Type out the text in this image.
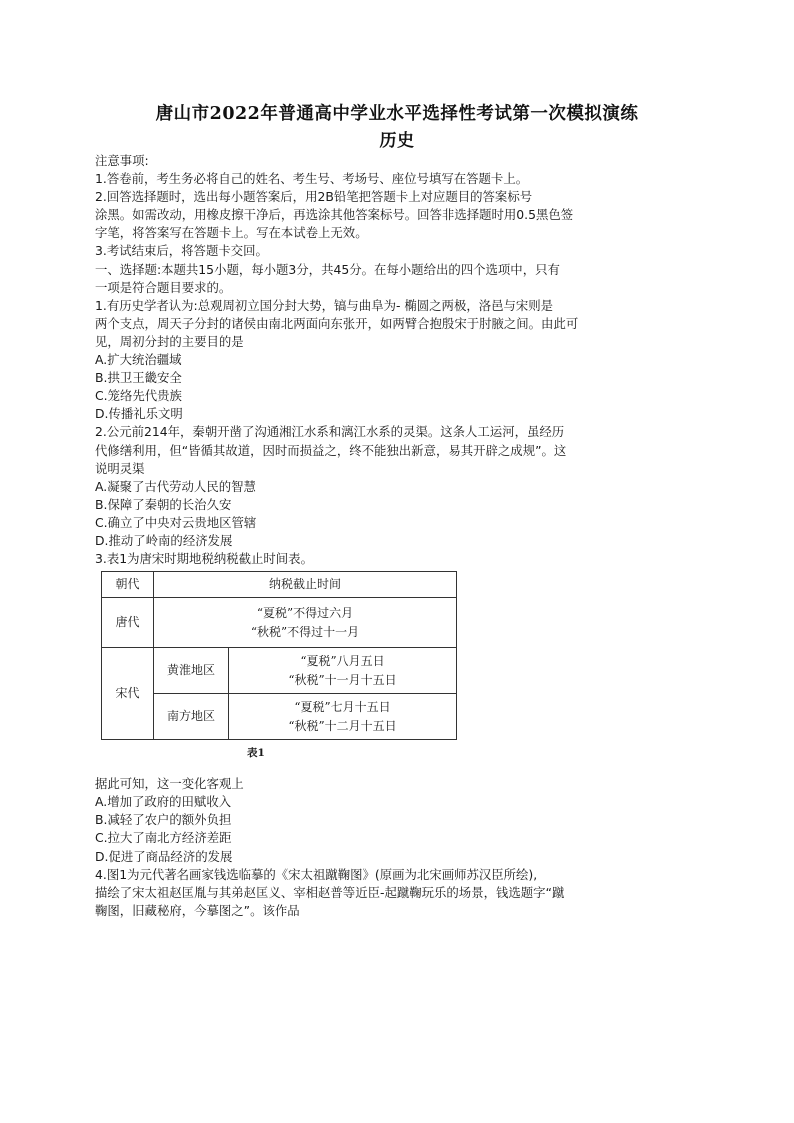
唐山市2022年普通高中学业水平选择性考试第一次模拟演练
历史
注意事项:
1.答卷前，考生务必将自己的姓名、考生号、考场号、座位号填写在答题卡上。
2.回答选择题时，选出每小题答案后，用2B铅笔把答题卡上对应题目的答案标号
涂黑。如需改动，用橡皮擦干净后，再选涂其他答案标号。回答非选择题时用0.5黑色签
字笔，将答案写在答题卡上。写在本试卷上无效。
3.考试结束后，将答题卡交回。
一、选择题:本题共15小题，每小题3分，共45分。在每小题给出的四个选项中，只有
一项是符合题目要求的。
1.有历史学者认为:总观周初立国分封大势，镐与曲阜为- 椭圆之两极，洛邑与宋则是
两个支点，周天子分封的诸侯由南北两面向东张开，如两臂合抱殷宋于肘腋之间。由此可
见，周初分封的主要目的是
A.扩大统治疆域
B.拱卫王畿安全
C.笼络先代贵族
D.传播礼乐文明
2.公元前214年，秦朝开凿了沟通湘江水系和漓江水系的灵渠。这条人工运河，虽经历
代修缮利用，但“皆循其故道，因时而损益之，终不能独出新意，易其开辟之成规”。这
说明灵渠
A.凝聚了古代劳动人民的智慧
B.保障了秦朝的长治久安
C.确立了中央对云贵地区管辖
D.推动了岭南的经济发展
3.表1为唐宋时期地税纳税截止时间表。
朝代	纳税截止时间	
唐代	“夏税”不得过六月
“秋税”不得过十一月	

宋代	黄淮地区	“夏税”八月五日
“秋税”十一月十五日

	南方地区	“夏税”七月十五日
“秋税”十二月十五日
表1
据此可知，这一变化客观上
A.增加了政府的田赋收入
B.减轻了农户的额外负担
C.拉大了南北方经济差距
D.促进了商品经济的发展
4.图1为元代著名画家钱选临摹的《宋太祖蹴鞠图》(原画为北宋画师苏汉臣所绘),
描绘了宋太祖赵匡胤与其弟赵匡义、宰相赵普等近臣-起蹴鞠玩乐的场景，钱选题字“蹴
鞠图，旧藏秘府，今摹图之”。该作品
